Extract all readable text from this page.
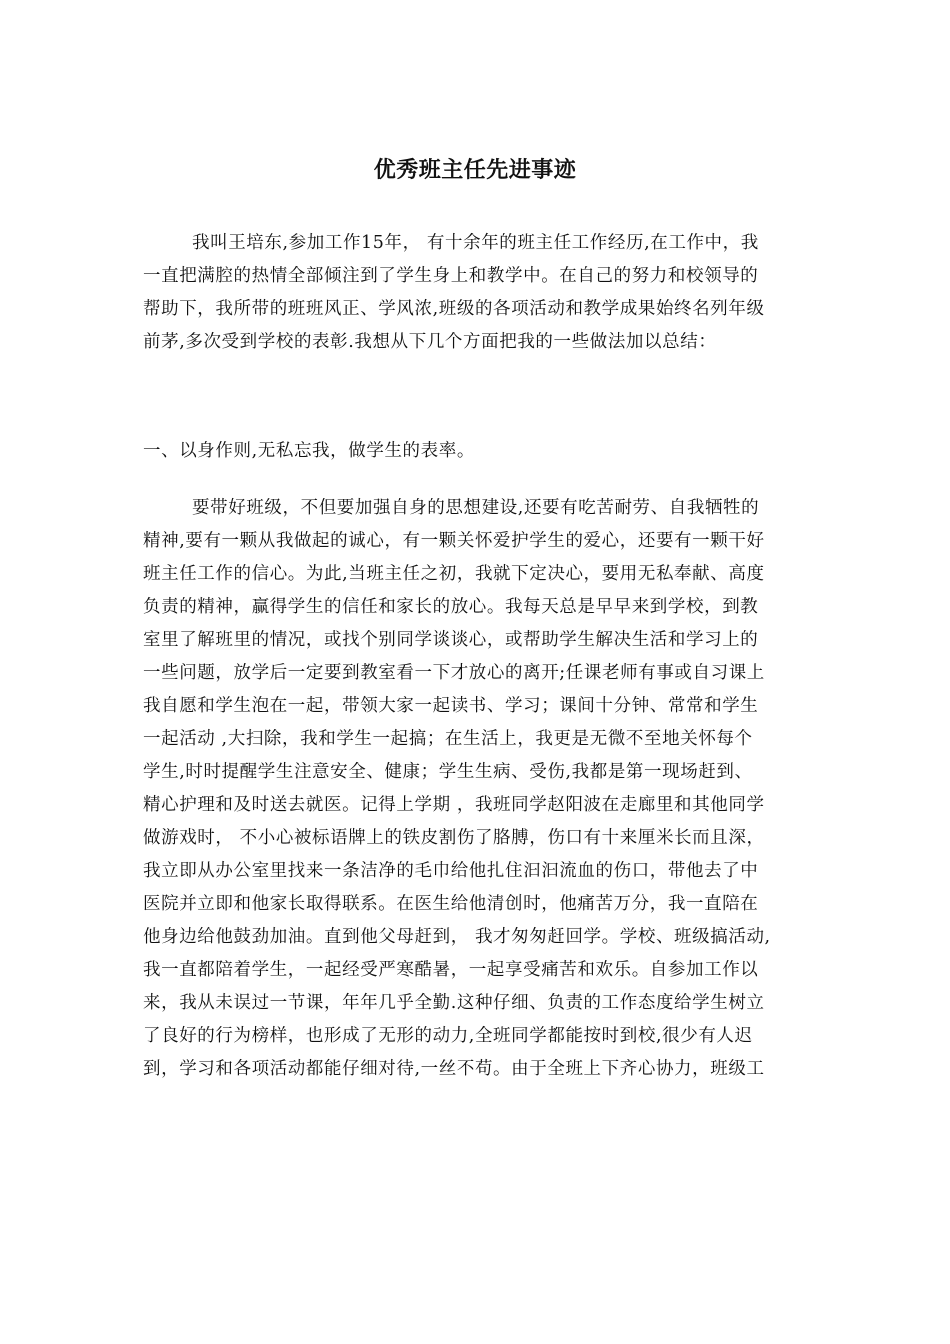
优秀班主任先进事迹
我叫王培东,参加工作15年， 有十余年的班主任工作经历,在工作中，我
一直把满腔的热情全部倾注到了学生身上和教学中。在自己的努力和校领导的
帮助下，我所带的班班风正、学风浓,班级的各项活动和教学成果始终名列年级
前茅,多次受到学校的表彰.我想从下几个方面把我的一些做法加以总结：
一、以身作则,无私忘我，做学生的表率。
要带好班级，不但要加强自身的思想建设,还要有吃苦耐劳、自我牺牲的
精神,要有一颗从我做起的诚心，有一颗关怀爱护学生的爱心，还要有一颗干好
班主任工作的信心。为此,当班主任之初，我就下定决心，要用无私奉献、高度
负责的精神，赢得学生的信任和家长的放心。我每天总是早早来到学校，到教
室里了解班里的情况，或找个别同学谈谈心，或帮助学生解决生活和学习上的
一些问题，放学后一定要到教室看一下才放心的离开;任课老师有事或自习课上
我自愿和学生泡在一起，带领大家一起读书、学习；课间十分钟、常常和学生
一起活动 ,大扫除，我和学生一起搞；在生活上，我更是无微不至地关怀每个
学生,时时提醒学生注意安全、健康；学生生病、受伤,我都是第一现场赶到、
精心护理和及时送去就医。记得上学期 ，我班同学赵阳波在走廊里和其他同学
做游戏时， 不小心被标语牌上的铁皮割伤了胳膊，伤口有十来厘米长而且深，
我立即从办公室里找来一条洁净的毛巾给他扎住汩汩流血的伤口，带他去了中
医院并立即和他家长取得联系。在医生给他清创时，他痛苦万分，我一直陪在
他身边给他鼓劲加油。直到他父母赶到， 我才匆匆赶回学。学校、班级搞活动,
我一直都陪着学生，一起经受严寒酷暑，一起享受痛苦和欢乐。自参加工作以
来，我从未误过一节课，年年几乎全勤.这种仔细、负责的工作态度给学生树立
了良好的行为榜样，也形成了无形的动力,全班同学都能按时到校,很少有人迟
到，学习和各项活动都能仔细对待,一丝不苟。由于全班上下齐心协力，班级工
